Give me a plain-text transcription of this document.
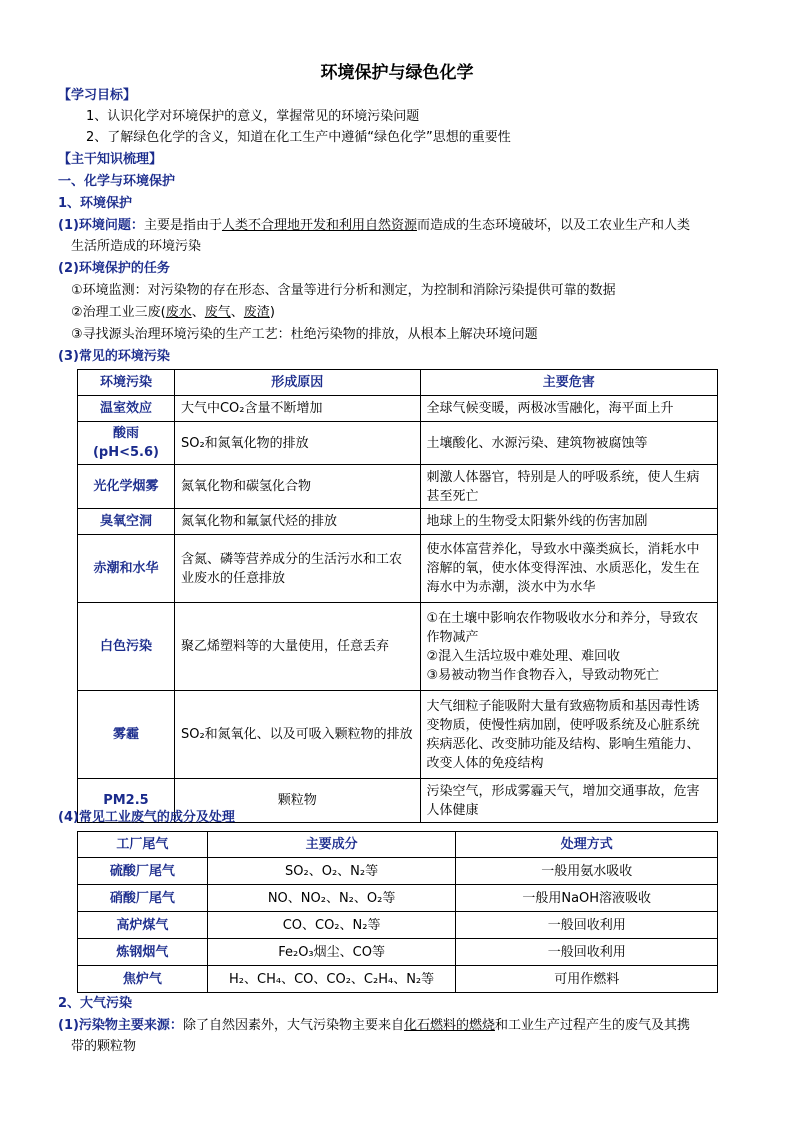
环境保护与绿色化学
【学习目标】
1、认识化学对环境保护的意义，掌握常见的环境污染问题
2、了解绿色化学的含义，知道在化工生产中遵循“绿色化学”思想的重要性
【主干知识梳理】
一、化学与环境保护
1、环境保护
(1)环境问题：主要是指由于人类不合理地开发和利用自然资源而造成的生态环境破坏，以及工农业生产和人类
生活所造成的环境污染
(2)环境保护的任务
①环境监测：对污染物的存在形态、含量等进行分析和测定，为控制和消除污染提供可靠的数据
②治理工业三废(废水、废气、废渣)
③寻找源头治理环境污染的生产工艺：杜绝污染物的排放，从根本上解决环境问题
(3)常见的环境污染
环境污染	形成原因	主要危害
温室效应	大气中CO₂含量不断增加	全球气候变暖，两极冰雪融化，海平面上升
酸雨(pH<5.6)	SO₂和氮氧化物的排放	土壤酸化、水源污染、建筑物被腐蚀等
光化学烟雾	氮氧化物和碳氢化合物	刺激人体器官，特别是人的呼吸系统，使人生病甚至死亡
臭氧空洞	氮氧化物和氟氯代烃的排放	地球上的生物受太阳紫外线的伤害加剧
赤潮和水华	含氮、磷等营养成分的生活污水和工农业废水的任意排放	使水体富营养化，导致水中藻类疯长，消耗水中溶解的氧，使水体变得浑浊、水质恶化，发生在海水中为赤潮，淡水中为水华
白色污染	聚乙烯塑料等的大量使用，任意丢弃	①在土壤中影响农作物吸收水分和养分，导致农作物减产
②混入生活垃圾中难处理、难回收
③易被动物当作食物吞入，导致动物死亡
雾霾	SO₂和氮氧化、以及可吸入颗粒物的排放	大气细粒子能吸附大量有致癌物质和基因毒性诱变物质，使慢性病加剧，使呼吸系统及心脏系统疾病恶化、改变肺功能及结构、影响生殖能力、改变人体的免疫结构
PM2.5	颗粒物	污染空气，形成雾霾天气，增加交通事故，危害人体健康
(4)常见工业废气的成分及处理
工厂尾气	主要成分	处理方式
硫酸厂尾气	SO₂、O₂、N₂等	一般用氨水吸收
硝酸厂尾气	NO、NO₂、N₂、O₂等	一般用NaOH溶液吸收
高炉煤气	CO、CO₂、N₂等	一般回收利用
炼钢烟气	Fe₂O₃烟尘、CO等	一般回收利用
焦炉气	H₂、CH₄、CO、CO₂、C₂H₄、N₂等	可用作燃料
2、大气污染
(1)污染物主要来源：除了自然因素外，大气污染物主要来自化石燃料的燃烧和工业生产过程产生的废气及其携
带的颗粒物
